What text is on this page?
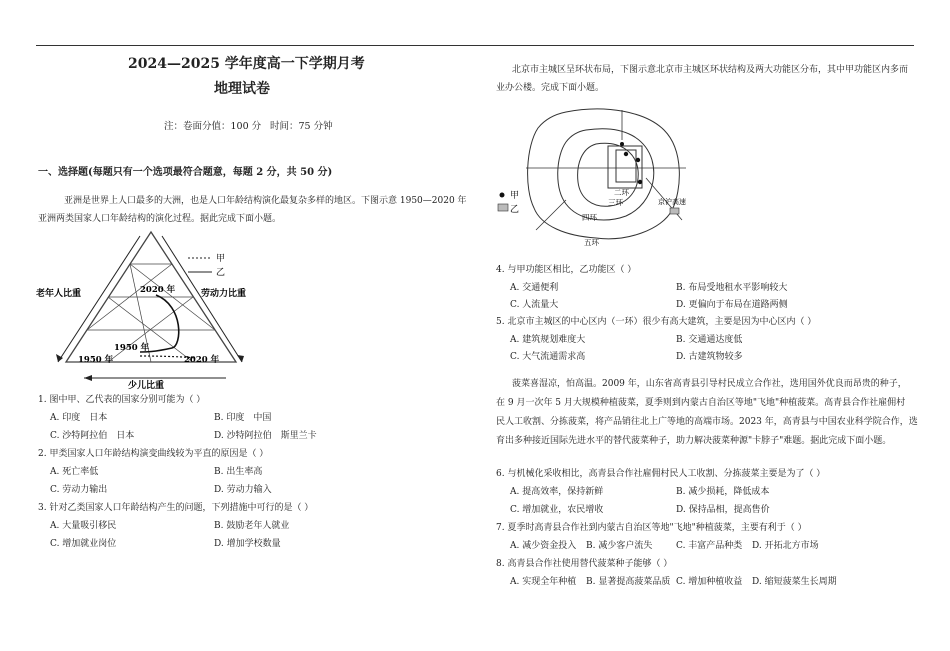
2024—2025 学年度高一下学期月考
地理试卷
注：卷面分值：100 分 时间：75 分钟
一、选择题(每题只有一个选项最符合题意，每题 2 分，共 50 分)
亚洲是世界上人口最多的大洲，也是人口年龄结构演化最复杂多样的地区。下图示意 1950—2020 年
亚洲两类国家人口年龄结构的演化过程。据此完成下面小题。
甲
乙
老年人比重	劳动力比重
2020 年
1950 年
1950 年	2020 年
少儿比重
1. 图中甲、乙代表的国家分别可能为（ ）
A. 印度　日本	B. 印度　中国
C. 沙特阿拉伯　日本	D. 沙特阿拉伯　斯里兰卡
2. 甲类国家人口年龄结构演变曲线较为平直的原因是（ ）
A. 死亡率低	B. 出生率高
C. 劳动力输出	D. 劳动力输入
3. 针对乙类国家人口年龄结构产生的问题，下列措施中可行的是（ ）
A. 大量吸引移民	B. 鼓励老年人就业
C. 增加就业岗位	D. 增加学校数量
北京市主城区呈环状布局，下图示意北京市主城区环状结构及两大功能区分布，其中甲功能区内多而
业办公楼。完成下面小题。
甲
乙
二环
三环
四环
五环
京沪高速
4. 与甲功能区相比，乙功能区（ ）
A. 交通便利	B. 布局受地租水平影响较大
C. 人流量大	D. 更偏向于布局在道路两侧
5. 北京市主城区的中心区内（一环）很少有高大建筑，主要是因为中心区内（ ）
A. 建筑规划难度大	B. 交通通达度低
C. 大气流通需求高	D. 古建筑物较多
菠菜喜湿凉，怕高温。2009 年，山东省高青县引导村民成立合作社，选用国外优良而昂贵的种子，
在 9 月一次年 5 月大规模种植菠菜，夏季则到内蒙古自治区等地"飞地"种植菠菜。高青县合作社雇佣村
民人工收割、分拣菠菜，将产品销往北上广等地的高端市场。2023 年，高青县与中国农业科学院合作，选
育出多种接近国际先进水平的替代菠菜种子，助力解决菠菜种源"卡脖子"难题。据此完成下面小题。
6. 与机械化采收相比，高青县合作社雇佣村民人工收割、分拣菠菜主要是为了（ ）
A. 提高效率，保持新鲜	B. 减少损耗，降低成本
C. 增加就业，农民增收	D. 保持品相，提高售价
7. 夏季时高青县合作社到内蒙古自治区等地"飞地"种植菠菜，主要有利于（ ）
A. 减少资金投入 B. 减少客户流失	C. 丰富产品种类 D. 开拓北方市场
8. 高青县合作社使用替代菠菜种子能够（ ）
A. 实现全年种植 B. 显著提高菠菜品质 C. 增加种植收益 D. 缩短菠菜生长周期
